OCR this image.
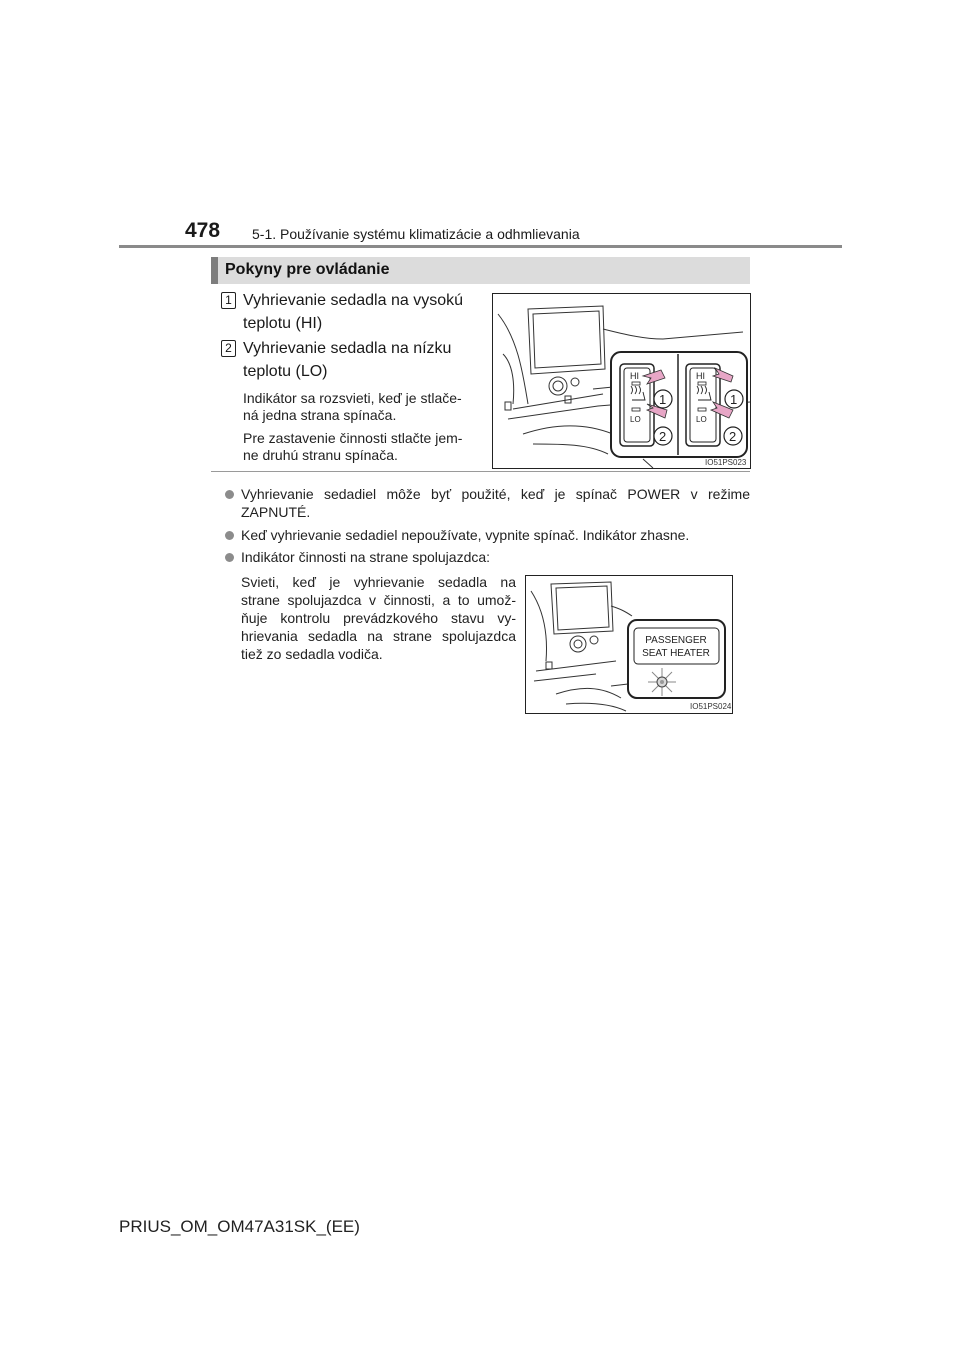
478 5-1. Používanie systému klimatizácie a odhmlievania
Pokyny pre ovládanie
1 Vyhrievanie sedadla na vysokú
teplotu (HI)
2 Vyhrievanie sedadla na nízku
teplotu (LO)
Indikátor sa rozsvieti, keď je stlače-
ná jedna strana spínača.
Pre zastavenie činnosti stlačte jem-
ne druhú stranu spínača.
HI
LO
HI
LO
1
2
1
2
IO51PS023
Vyhrievanie sedadiel môže byť použité, keď je spínač POWER v režime
ZAPNUTÉ.
Keď vyhrievanie sedadiel nepoužívate, vypnite spínač. Indikátor zhasne.
Indikátor činnosti na strane spolujazdca:
Svieti, keď je vyhrievanie sedadla na
strane spolujazdca v činnosti, a to umož-
ňuje kontrolu prevádzkového stavu vy-
hrievania sedadla na strane spolujazdca
tiež zo sedadla vodiča.
PASSENGER
SEAT HEATER
IO51PS024
PRIUS_OM_OM47A31SK_(EE)
